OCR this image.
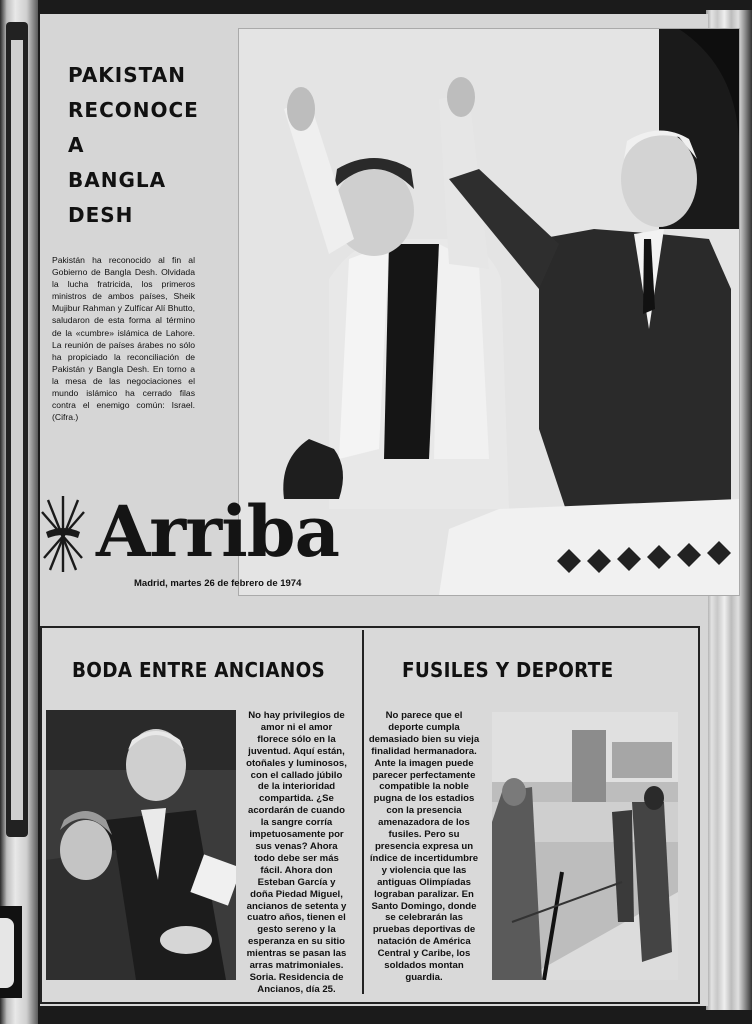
PAKISTAN
RECONOCE
A
BANGLA
DESH

Pakistán ha reconocido al fin al Gobierno de Bangla Desh. Olvidada la lucha fratricida, los primeros ministros de ambos países, Sheik Mujibur Rahman y Zulfícar Alí Bhutto, saludaron de esta forma al término de la «cumbre» islámica de Lahore. La reunión de países árabes no sólo ha propiciado la reconciliación de Pakistán y Bangla Desh. En torno a la mesa de las negociaciones el mundo islámico ha cerrado filas contra el enemigo común: Israel. (Cifra.)

Arriba

Madrid, martes 26 de febrero de 1974

BODA ENTRE ANCIANOS	FUSILES Y DEPORTE

No hay privilegios de amor ni el amor florece sólo en la juventud. Aquí están, otoñales y luminosos, con el callado júbilo de la interioridad compartida. ¿Se acordarán de cuando la sangre corría impetuosamente por sus venas? Ahora todo debe ser más fácil. Ahora don Esteban García y doña Piedad Miguel, ancianos de setenta y cuatro años, tienen el gesto sereno y la esperanza en su sitio mientras se pasan las arras matrimoniales. Soria. Residencia de Ancianos, día 25.

No parece que el deporte cumpla demasiado bien su vieja finalidad hermanadora. Ante la imagen puede parecer perfectamente compatible la noble pugna de los estadios con la presencia amenazadora de los fusiles. Pero su presencia expresa un índice de incertidumbre y violencia que las antiguas Olimpíadas lograban paralizar. En Santo Domingo, donde se celebrarán las pruebas deportivas de natación de América Central y Caribe, los soldados montan guardia.
